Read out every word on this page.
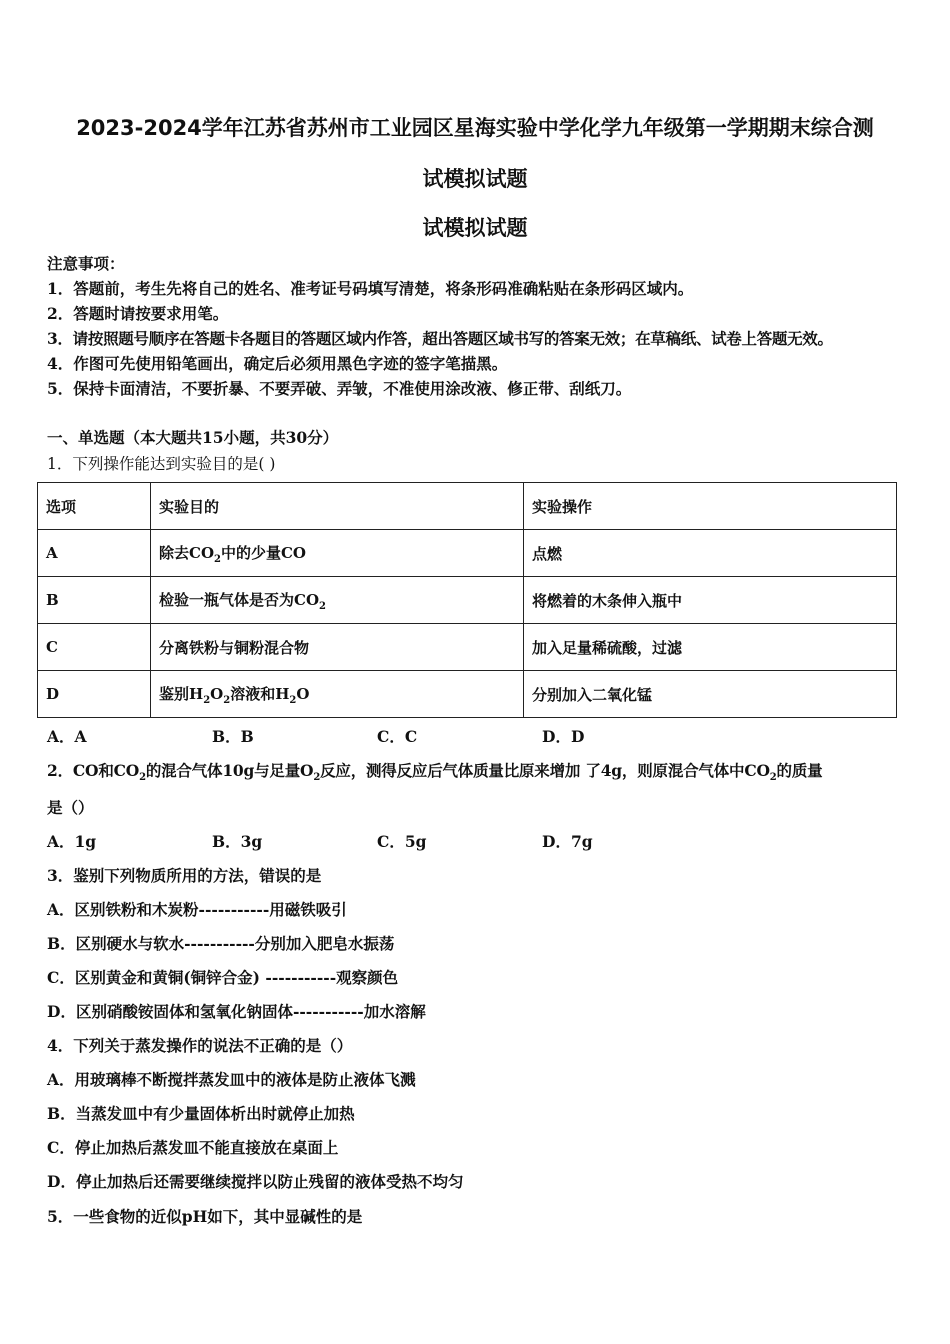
2023-2024学年江苏省苏州市工业园区星海实验中学化学九年级第一学期期末综合测
试模拟试题
试模拟试题
注意事项：
1．答题前，考生先将自己的姓名、准考证号码填写清楚，将条形码准确粘贴在条形码区域内。
2．答题时请按要求用笔。
3．请按照题号顺序在答题卡各题目的答题区域内作答，超出答题区域书写的答案无效；在草稿纸、试卷上答题无效。
4．作图可先使用铅笔画出，确定后必须用黑色字迹的签字笔描黑。
5．保持卡面清洁，不要折暴、不要弄破、弄皱，不准使用涂改液、修正带、刮纸刀。
一、单选题（本大题共15小题，共30分）
1．下列操作能达到实验目的是( )
选项	实验目的	实验操作
A	除去$CO_2$中的少量CO	点燃
B	检验一瓶气体是否为$CO_2$	将燃着的木条伸入瓶中
C	分离铁粉与铜粉混合物	加入足量稀硫酸，过滤
D	鉴别$H_2O_2$溶液和$H_2O$	分别加入二氧化锰
A．A	B．B	C．C	D．D
2．CO和$CO_2$的混合气体10g与足量$O_2$反应，测得反应后气体质量比原来增加 了4g，则原混合气体中$CO_2$的质量
是（）
A．1g	B．3g	C．5g	D．7g
3．鉴别下列物质所用的方法，错误的是
A．区别铁粉和木炭粉-----------用磁铁吸引
B．区别硬水与软水-----------分别加入肥皂水振荡
C．区别黄金和黄铜(铜锌合金) -----------观察颜色
D．区别硝酸铵固体和氢氧化钠固体-----------加水溶解
4．下列关于蒸发操作的说法不正确的是（）
A．用玻璃棒不断搅拌蒸发皿中的液体是防止液体飞溅
B．当蒸发皿中有少量固体析出时就停止加热
C．停止加热后蒸发皿不能直接放在桌面上
D．停止加热后还需要继续搅拌以防止残留的液体受热不均匀
5．一些食物的近似pH如下，其中显碱性的是
